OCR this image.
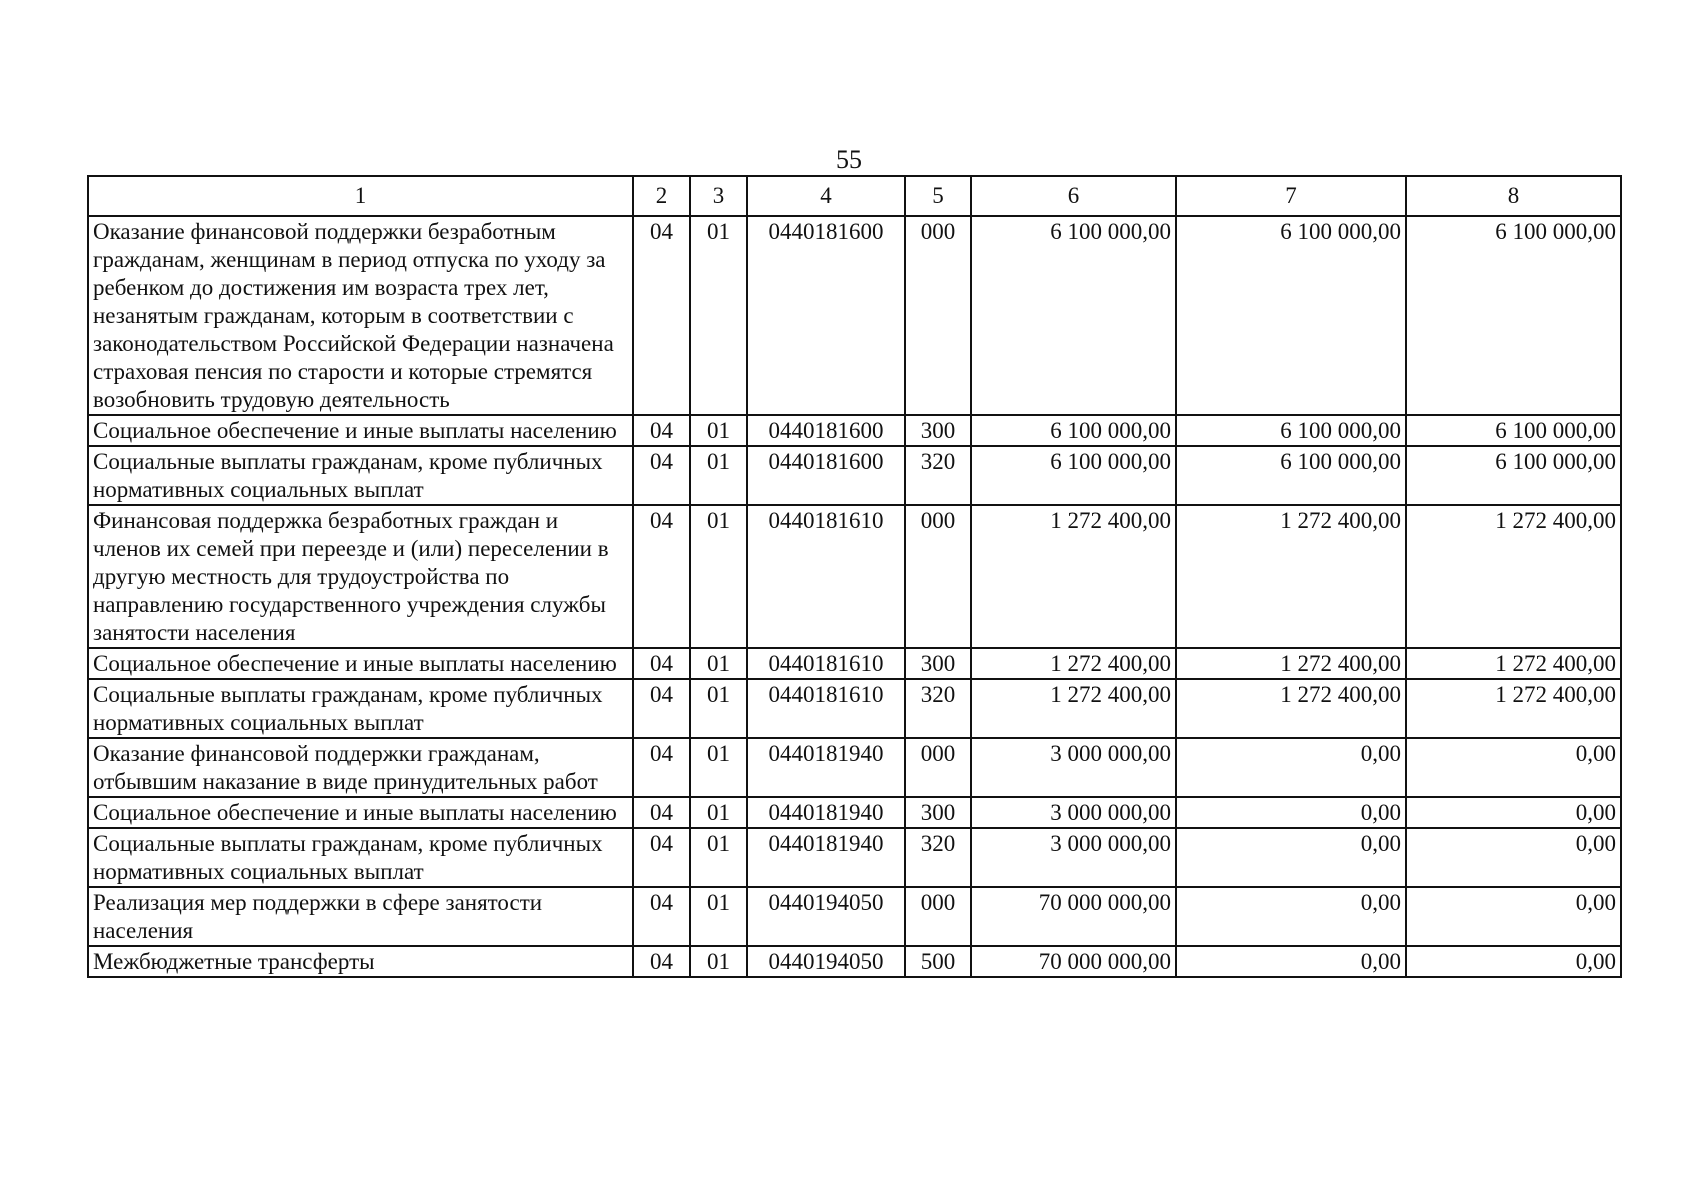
55
1	2	3	4	5	6	7	8
Оказание финансовой поддержки безработным гражданам, женщинам в период отпуска по уходу за ребенком до достижения им возраста трех лет, незанятым гражданам, которым в соответствии с законодательством Российской Федерации назначена страховая пенсия по старости и которые стремятся возобновить трудовую деятельность	04	01	0440181600	000	6 100 000,00	6 100 000,00	6 100 000,00
Социальное обеспечение и иные выплаты населению	04	01	0440181600	300	6 100 000,00	6 100 000,00	6 100 000,00
Социальные выплаты гражданам, кроме публичных нормативных социальных выплат	04	01	0440181600	320	6 100 000,00	6 100 000,00	6 100 000,00
Финансовая поддержка безработных граждан и членов их семей при переезде и (или) переселении в другую местность для трудоустройства по направлению государственного учреждения службы занятости населения	04	01	0440181610	000	1 272 400,00	1 272 400,00	1 272 400,00
Социальное обеспечение и иные выплаты населению	04	01	0440181610	300	1 272 400,00	1 272 400,00	1 272 400,00
Социальные выплаты гражданам, кроме публичных нормативных социальных выплат	04	01	0440181610	320	1 272 400,00	1 272 400,00	1 272 400,00
Оказание финансовой поддержки гражданам, отбывшим наказание в виде принудительных работ	04	01	0440181940	000	3 000 000,00	0,00	0,00
Социальное обеспечение и иные выплаты населению	04	01	0440181940	300	3 000 000,00	0,00	0,00
Социальные выплаты гражданам, кроме публичных нормативных социальных выплат	04	01	0440181940	320	3 000 000,00	0,00	0,00
Реализация мер поддержки в сфере занятости населения	04	01	0440194050	000	70 000 000,00	0,00	0,00
Межбюджетные трансферты	04	01	0440194050	500	70 000 000,00	0,00	0,00
